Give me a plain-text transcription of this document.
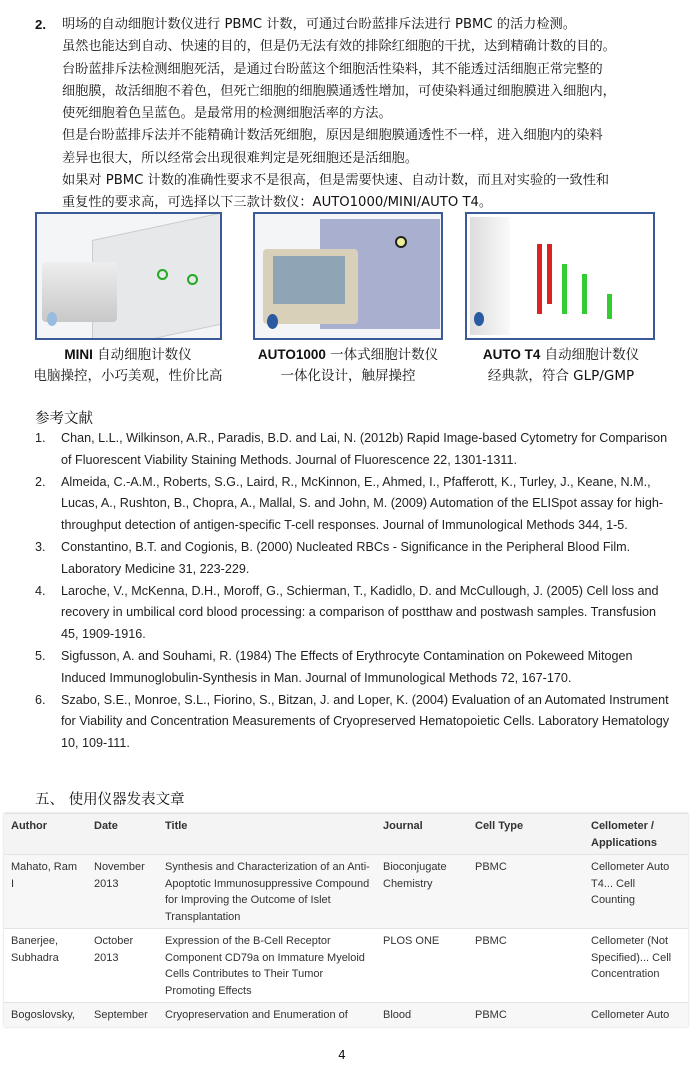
2.	明场的自动细胞计数仪进行 PBMC 计数，可通过台盼蓝排斥法进行 PBMC 的活力检测。
虽然也能达到自动、快速的目的，但是仍无法有效的排除红细胞的干扰，达到精确计数的目的。
台盼蓝排斥法检测细胞死活，是通过台盼蓝这个细胞活性染料，其不能透过活细胞正常完整的
细胞膜，故活细胞不着色，但死亡细胞的细胞膜通透性增加，可使染料通过细胞膜进入细胞内，
使死细胞着色呈蓝色。是最常用的检测细胞活率的方法。
但是台盼蓝排斥法并不能精确计数活死细胞，原因是细胞膜通透性不一样，进入细胞内的染料
差异也很大，所以经常会出现很难判定是死细胞还是活细胞。
如果对 PBMC 计数的准确性要求不是很高，但是需要快速、自动计数，而且对实验的一致性和
重复性的要求高，可选择以下三款计数仪：AUTO1000/MINI/AUTO T4。
MINI 自动细胞计数仪
电脑操控，小巧美观，性价比高
AUTO1000 一体式细胞计数仪
一体化设计，触屏操控
AUTO T4 自动细胞计数仪
经典款，符合 GLP/GMP
参考文献
1. Chan, L.L., Wilkinson, A.R., Paradis, B.D. and Lai, N. (2012b) Rapid Image-based Cytometry for Comparison of Fluorescent Viability Staining Methods. Journal of Fluorescence 22, 1301-1311.
2. Almeida, C.-A.M., Roberts, S.G., Laird, R., McKinnon, E., Ahmed, I., Pfafferott, K., Turley, J., Keane, N.M., Lucas, A., Rushton, B., Chopra, A., Mallal, S. and John, M. (2009) Automation of the ELISpot assay for high-throughput detection of antigen-specific T-cell responses. Journal of Immunological Methods 344, 1-5.
3. Constantino, B.T. and Cogionis, B. (2000) Nucleated RBCs - Significance in the Peripheral Blood Film. Laboratory Medicine 31, 223-229.
4. Laroche, V., McKenna, D.H., Moroff, G., Schierman, T., Kadidlo, D. and McCullough, J. (2005) Cell loss and recovery in umbilical cord blood processing: a comparison of postthaw and postwash samples. Transfusion 45, 1909-1916.
5. Sigfusson, A. and Souhami, R. (1984) The Effects of Erythrocyte Contamination on Pokeweed Mitogen Induced Immunoglobulin-Synthesis in Man. Journal of Immunological Methods 72, 167-170.
6. Szabo, S.E., Monroe, S.L., Fiorino, S., Bitzan, J. and Loper, K. (2004) Evaluation of an Automated Instrument for Viability and Concentration Measurements of Cryopreserved Hematopoietic Cells. Laboratory Hematology 10, 109-111.
五、 使用仪器发表文章
Author	Date	Title	Journal	Cell Type	Cellometer / Applications
Mahato, Ram I	November 2013	Synthesis and Characterization of an Anti-Apoptotic Immunosuppressive Compound for Improving the Outcome of Islet Transplantation	Bioconjugate Chemistry	PBMC	Cellometer Auto T4... Cell Counting
Banerjee, Subhadra	October 2013	Expression of the B-Cell Receptor Component CD79a on Immature Myeloid Cells Contributes to Their Tumor Promoting Effects	PLOS ONE	PBMC	Cellometer (Not Specified)... Cell Concentration
Bogoslovsky,	September	Cryopreservation and Enumeration of	Blood	PBMC	Cellometer Auto
4
